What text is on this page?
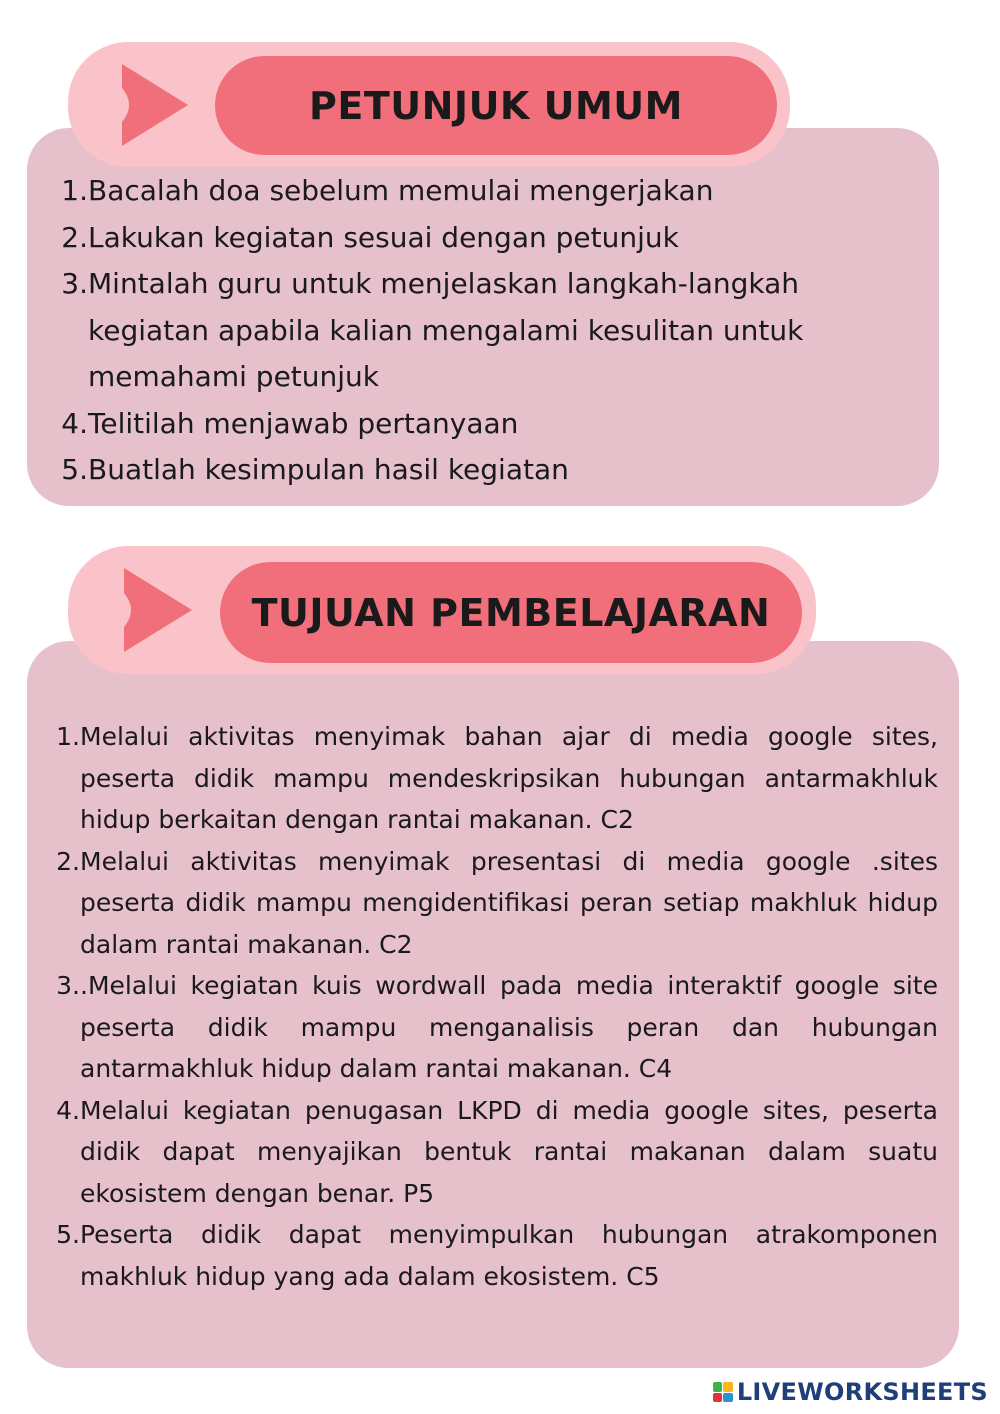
PETUNJUK UMUM
1. Bacalah doa sebelum memulai mengerjakan
2. Lakukan kegiatan sesuai dengan petunjuk
3. Mintalah guru untuk menjelaskan langkah-langkah kegiatan apabila kalian mengalami kesulitan untuk memahami petunjuk
4. Telitilah menjawab pertanyaan
5. Buatlah kesimpulan hasil kegiatan
TUJUAN PEMBELAJARAN
1. Melalui aktivitas menyimak bahan ajar di media google sites, peserta didik mampu mendeskripsikan hubungan antarmakhluk hidup berkaitan dengan rantai makanan. C2
2. Melalui aktivitas menyimak presentasi di media google .sites peserta didik mampu mengidentifikasi peran setiap makhluk hidup dalam rantai makanan. C2
3. .Melalui kegiatan kuis wordwall pada media interaktif google site peserta didik mampu menganalisis peran dan hubungan antarmakhluk hidup dalam rantai makanan. C4
4. Melalui kegiatan penugasan LKPD di media google sites, peserta didik dapat menyajikan bentuk rantai makanan dalam suatu ekosistem dengan benar. P5
5. Peserta didik dapat menyimpulkan hubungan atrakomponen makhluk hidup yang ada dalam ekosistem. C5
LIVEWORKSHEETS
